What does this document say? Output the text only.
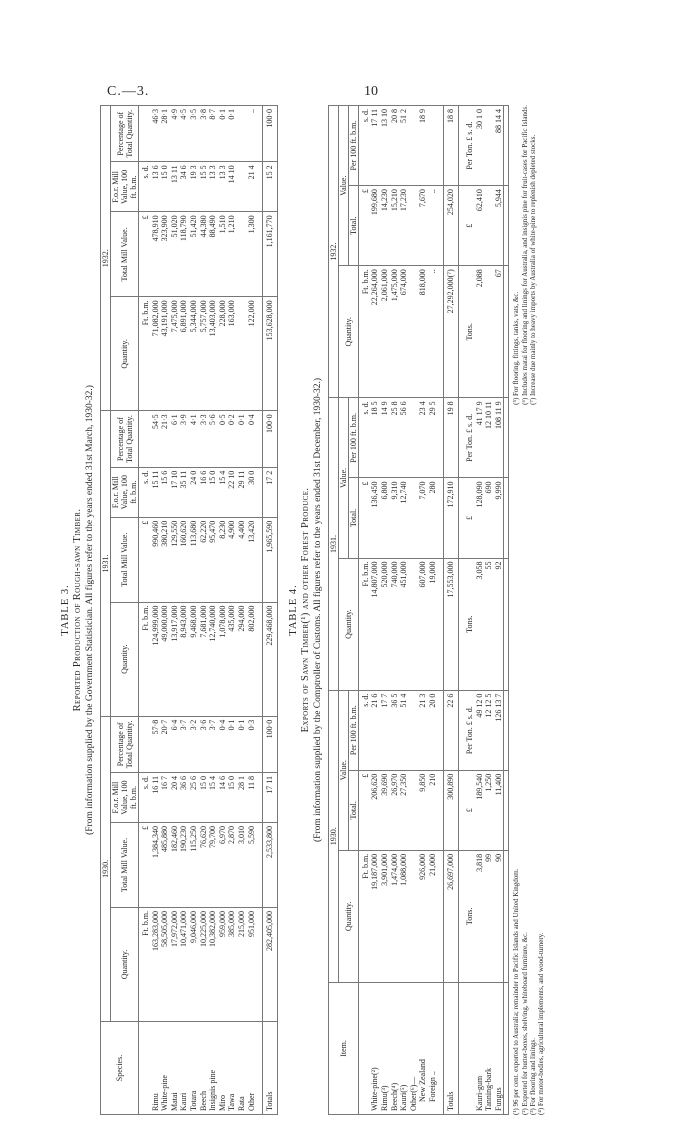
C.—3.	10
TABLE 3. Reported Production of Rough-sawn Timber. (From information supplied by the Government Statistician. All figures refer to the years ended 31st March, 1930-32.)
Species.	1930.				1931.				1932.			
	Quantity.	Total Mill Value.	F.o.r. Mill Value, 100 ft. b.m.	Percentage of Total Quantity.	Quantity.	Total Mill Value.	F.o.r. Mill Value, 100 ft. b.m.	Percentage of Total Quantity.	Quantity.	Total Mill Value.	F.o.r. Mill Value, 100 ft. b.m.	Percentage of Total Quantity.
	Ft. b.m.	£	s. d.		Ft. b.m.	£	s. d.		Ft. b.m.	£	s. d.	
Rimu	163,283,000	1,384,340	16 11	57·8	124,999,000	990,460	15 11	54·5	71,082,000	478,910	13 6	46·3
White-pine	58,505,000	485,880	16 7	20·7	49,000,000	380,210	15 6	21·3	43,191,000	323,900	15 0	28·1
Matai	17,972,000	182,460	20 4	6·4	13,917,000	129,550	17 10	6·1	7,475,000	51,020	13 11	4·9
Kauri	10,471,000	190,230	36 6	3·7	8,943,000	160,620	35 11	3·9	6,891,000	118,790	34 6	4·5
Totara	9,046,000	115,250	25 6	3·2	9,468,000	113,680	24 0	4·1	5,344,000	51,420	19 3	3·5
Beech	10,225,000	76,620	15 0	3·6	7,681,000	62,220	16 6	3·3	5,757,000	44,380	15 5	3·8
Insignis pine	10,382,000	79,700	15 4	3·7	12,740,000	95,470	15 0	5·6	13,403,000	88,490	13 3	8·7
Miro	959,000	6,970	14 6	0·4	1,078,000	8,230	15 4	0·5	228,000	1,510	13 3	0·1
Tawa	385,000	2,870	15 0	0·1	435,000	4,900	22 10	0·2	163,000	1,210	14 10	0·1
Rata	215,000	3,010	28 1	0·1	294,000	4,400	29 11	0·1				
Other	951,000	5,590	11 8	0·3	802,000	13,420	30 0	0·4	122,000	1,300	21 4	..

Totals	282,405,000	2,533,800	17 11	100·0	229,468,000	1,965,590	17 2	100·0	153,628,000	1,161,770	15 2	100·0
TABLE 4. Exports of Sawn Timber(¹) and other Forest Produce. (From information supplied by the Comptroller of Customs. All figures refer to the years ended 31st December, 1930-32.)
Item.	1930.			1931.			1932.		
	Quantity.	Value.		Quantity.	Value.		Quantity.	Value.	
		Total.	Per 100 ft. b.m.		Total.	Per 100 ft. b.m.		Total.	Per 100 ft. b.m.
	Ft. b.m.	£	s. d.	Ft. b.m.	£	s. d.	Ft. b.m.	£	s. d.
White-pine(²)	19,187,000	206,620	21 6	14,807,000	136,450	18 5	22,264,000	199,680	17 11
Rimu(³)	3,901,000	39,690	17 7	520,000	6,800	14 9	2,061,000	14,230	13 10
Beech(⁴)	1,474,000	26,970	36 5	740,000	9,310	25 8	1,475,000	15,210	20 8
Kauri(⁵)	1,088,000	27,350	51 4	451,000	12,740	56 6	674,000	17,230	51 2
Other(⁶)—									
New Zealand	926,000	9,850	21 3	607,000	7,070	23 4	818,000	7,670	18 9
Foreign ..	21,000	210	20 0	19,000	280	29 5	..	..	

Totals	26,697,000	300,890	22 6	17,553,000	172,910	19 8	27,292,000(⁷)	254,020	18 8

	Tons.	£	Per Ton. £ s. d.	Tons.	£	Per Ton. £ s. d.	Tons.	£	Per Ton. £ s. d.
Kauri-gum	3,818	189,540	49 12 0	3,058	128,090	41 17 9	2,088	62,410	30 1 0
Tanning-bark	99	1,250	12 12 5	55	690	12 10 11			
Fungus	90	11,400	126 13 7	92	9,990	108 11 9	67	5,944	88 14 4

(¹) 96 per cent. exported to Australia; remainder to Pacific Islands and United Kingdom. (²) Exported for butter-boxes, shelving, whiteboard furniture, &c. (³) For flooring and linings. (⁴) For motor-bodies, agricultural implements, and wood-turnery.
(⁵) For flooring, fittings, tanks, vats, &c. (⁶) Includes matai for flooring and linings for Australia, and insignis pine for fruit-cases for Pacific Islands. (⁷) Increase due mainly to heavy imports by Australia of white-pine to replenish depleted stocks.
